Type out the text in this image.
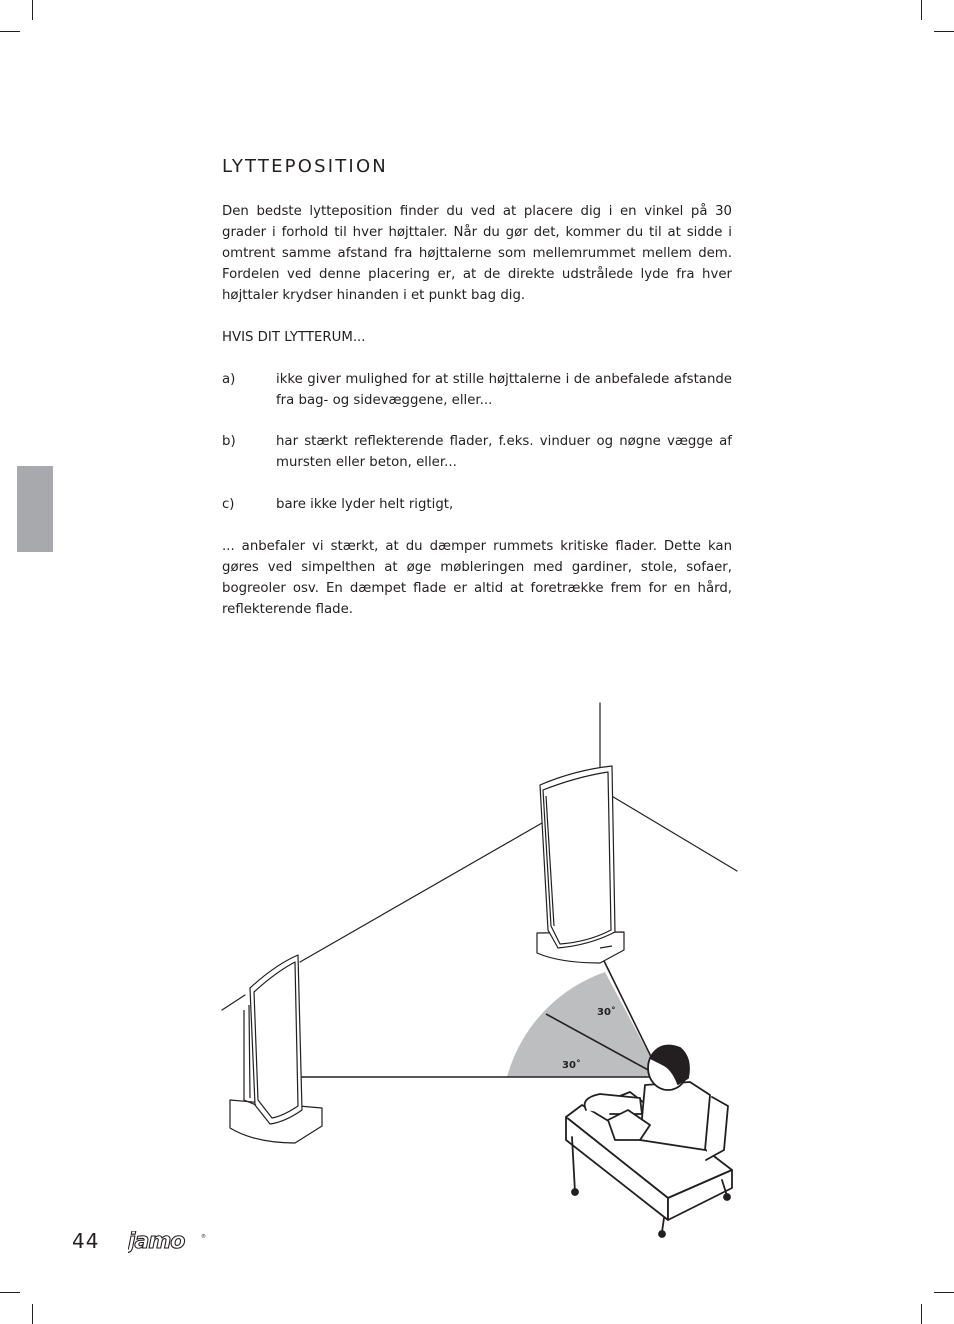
LYTTEPOSITION
Den bedste lytteposition finder du ved at placere dig i en vinkel på 30 grader i forhold til hver højttaler. Når du gør det, kommer du til at sidde i omtrent samme afstand fra højttalerne som mellemrummet mellem dem. Fordelen ved denne placering er, at de direkte udstrålede lyde fra hver højttaler krydser hinanden i et punkt bag dig.
HVIS DIT LYTTERUM...
a)	ikke giver mulighed for at stille højttalerne i de anbefalede afstande fra bag- og sidevæggene, eller...
b)	har stærkt reflekterende flader, f.eks. vinduer og nøgne vægge af mursten eller beton, eller...
c)	bare ikke lyder helt rigtigt,
... anbefaler vi stærkt, at du dæmper rummets kritiske flader. Dette kan gøres ved simpelthen at øge møbleringen med gardiner, stole, sofaer, bogreoler osv. En dæmpet flade er altid at foretrække frem for en hård, reflekterende flade.
30˚
30˚
44 jamo	®
